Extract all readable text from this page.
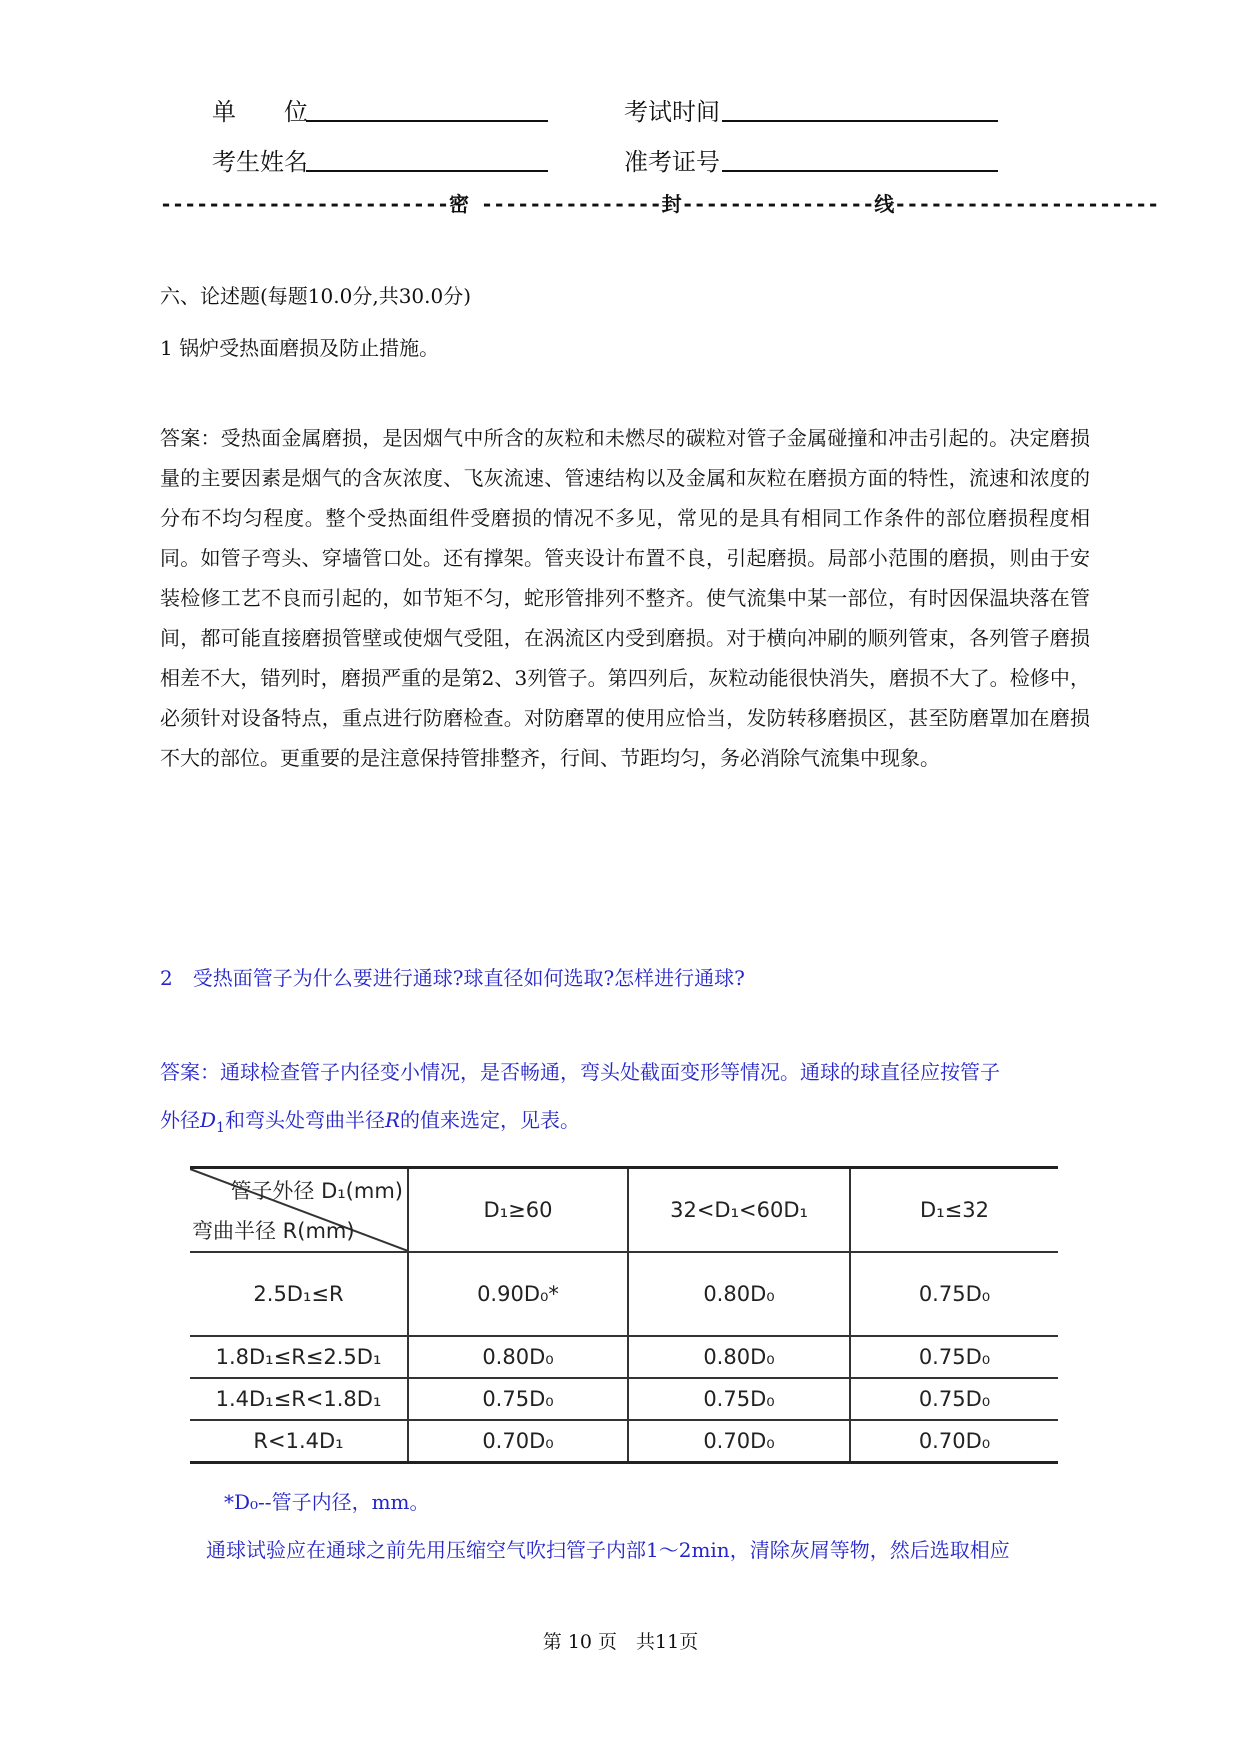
单　　位	考试时间
考生姓名	准考证号
------------------------密 ---------------封----------------线----------------------
六、论述题(每题10.0分,共30.0分)
1 锅炉受热面磨损及防止措施。
答案：受热面金属磨损，是因烟气中所含的灰粒和未燃尽的碳粒对管子金属碰撞和冲击引起的。决定磨损量的主要因素是烟气的含灰浓度、飞灰流速、管速结构以及金属和灰粒在磨损方面的特性，流速和浓度的分布不均匀程度。整个受热面组件受磨损的情况不多见，常见的是具有相同工作条件的部位磨损程度相同。如管子弯头、穿墙管口处。还有撑架。管夹设计布置不良，引起磨损。局部小范围的磨损，则由于安装检修工艺不良而引起的，如节矩不匀，蛇形管排列不整齐。使气流集中某一部位，有时因保温块落在管间，都可能直接磨损管壁或使烟气受阻，在涡流区内受到磨损。对于横向冲刷的顺列管束，各列管子磨损相差不大，错列时，磨损严重的是第2、3列管子。第四列后，灰粒动能很快消失，磨损不大了。检修中，必须针对设备特点，重点进行防磨检查。对防磨罩的使用应恰当，发防转移磨损区，甚至防磨罩加在磨损不大的部位。更重要的是注意保持管排整齐，行间、节距均匀，务必消除气流集中现象。
2　受热面管子为什么要进行通球?球直径如何选取?怎样进行通球?
答案：通球检查管子内径变小情况，是否畅通，弯头处截面变形等情况。通球的球直径应按管子
外径$D_1$和弯头处弯曲半径R的值来选定，见表。
管子外径 D₁(mm)
弯曲半径 R(mm)	D₁≥60	32<D₁<60D₁	D₁≤32
2.5D₁≤R	0.90D₀*	0.80D₀	0.75D₀
1.8D₁≤R≤2.5D₁	0.80D₀	0.80D₀	0.75D₀
1.4D₁≤R<1.8D₁	0.75D₀	0.75D₀	0.75D₀
R<1.4D₁	0.70D₀	0.70D₀	0.70D₀
*D₀--管子内径，mm。
通球试验应在通球之前先用压缩空气吹扫管子内部1～2min，清除灰屑等物，然后选取相应
第 10 页　共11页
